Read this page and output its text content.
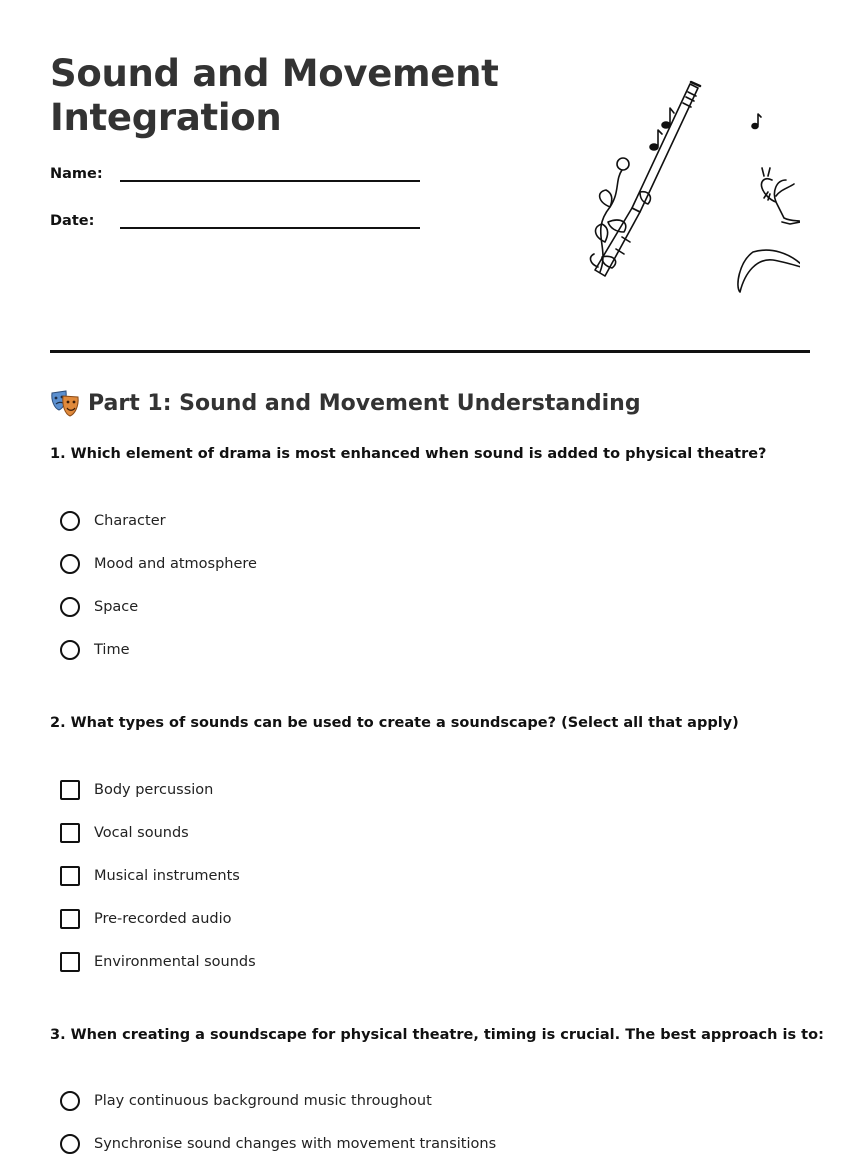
Sound and Movement
Integration
Name:
Date:
Part 1: Sound and Movement Understanding

1. Which element of drama is most enhanced when sound is added to physical theatre?

Character
Mood and atmosphere
Space
Time

2. What types of sounds can be used to create a soundscape? (Select all that apply)

Body percussion
Vocal sounds
Musical instruments
Pre-recorded audio
Environmental sounds

3. When creating a soundscape for physical theatre, timing is crucial. The best approach is to:

Play continuous background music throughout
Synchronise sound changes with movement transitions
